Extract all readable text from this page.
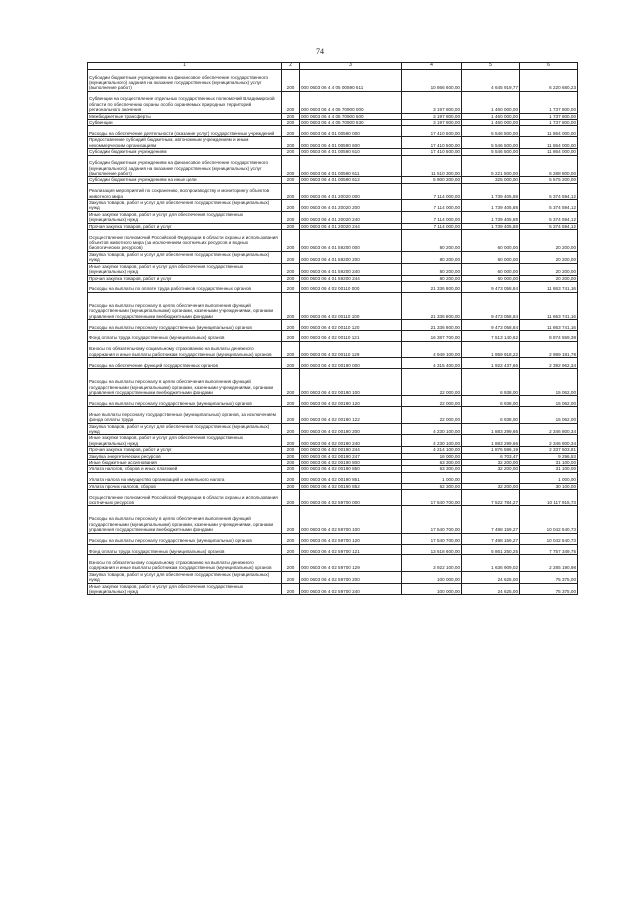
74
1	2	3	4	5	6
Субсидии бюджетным учреждениям на финансовое обеспечение государственного (муниципального) задания на оказание государственных (муниципальных) услуг (выполнение работ)	200	000 0603 06 4 4 05 00590 611	10 866 600,00	4 645 919,77	6 220 680,23
Субвенции на осуществление отдельных государственных полномочий Владимирской области по обеспечению охраны особо охраняемых природных территорий регионального значения	200	000 0603 06 4 4 05 70900 000	3 197 800,00	1 460 000,00	1 737 800,00
Межбюджетные трансферты	200	000 0603 06 4 4 05 70900 500	3 197 800,00	1 460 000,00	1 737 800,00
Субвенции	200	000 0603 06 4 4 05 70900 530	3 197 800,00	1 460 000,00	1 737 800,00
Расходы на обеспечение деятельности (оказание услуг) государственных учреждений	200	000 0603 06 4 01 00590 000	17 410 500,00	5 546 500,00	11 864 000,00
Предоставление субсидий бюджетным, автономным учреждениям и иным некоммерческим организациям	200	000 0603 06 4 01 00590 600	17 410 500,00	5 546 500,00	11 864 000,00
Субсидии бюджетным учреждениям	200	000 0603 06 4 01 00590 610	17 410 500,00	5 546 500,00	11 864 000,00
Субсидии бюджетным учреждениям на финансовое обеспечение государственного (муниципального) задания на оказание государственных (муниципальных) услуг (выполнение работ)	200	000 0603 06 4 01 00590 611	11 510 300,00	5 221 500,00	6 288 800,00
Субсидии бюджетным учреждениям на иные цели	200	000 0603 06 4 01 00590 612	5 900 200,00	325 000,00	5 575 200,00
Реализация мероприятий по сохранению, воспроизводству и мониторингу объектов животного мира	200	000 0603 06 4 01 20020 000	7 114 000,00	1 739 405,88	5 374 594,12
Закупка товаров, работ и услуг для обеспечения государственных (муниципальных) нужд	200	000 0603 06 4 01 20020 200	7 114 000,00	1 739 405,88	5 374 594,12
Иные закупки товаров, работ и услуг для обеспечения государственных (муниципальных) нужд	200	000 0603 06 4 01 20020 240	7 114 000,00	1 739 405,88	5 374 594,12
Прочая закупка товаров, работ и услуг	200	000 0603 06 4 01 20020 244	7 114 000,00	1 739 405,88	5 374 594,12
Осуществление полномочий Российской Федерации в области охраны и использования объектов животного мира (за исключением охотничьих ресурсов и водных биологических ресурсов)	200	000 0603 06 4 01 59200 000	80 200,00	60 000,00	20 200,00
Закупка товаров, работ и услуг для обеспечения государственных (муниципальных) нужд	200	000 0603 06 4 01 59200 200	80 200,00	60 000,00	20 200,00
Иные закупки товаров, работ и услуг для обеспечения государственных (муниципальных) нужд	200	000 0603 06 4 01 59200 240	80 200,00	60 000,00	20 200,00
Прочая закупка товаров, работ и услуг	200	000 0603 06 4 01 59200 244	80 200,00	60 000,00	20 200,00
Расходы на выплаты по оплате труда работников государственных органов	200	000 0603 06 4 02 00110 000	21 336 800,00	9 473 058,84	11 863 741,16
Расходы на выплаты персоналу в целях обеспечения выполнения функций государственными (муниципальными) органами, казенными учреждениями, органами управления государственными внебюджетными фондами	200	000 0603 06 4 02 00110 100	21 336 800,00	9 473 058,84	11 863 741,16
Расходы на выплаты персоналу государственных (муниципальных) органов	200	000 0603 06 4 02 00110 120	21 336 800,00	9 473 058,84	11 863 741,16
Фонд оплаты труда государственных (муниципальных) органов	200	000 0603 06 4 02 00110 121	16 387 700,00	7 513 140,62	8 874 559,38
Взносы по обязательному социальному страхованию на выплаты денежного содержания и иные выплаты работникам государственных (муниципальных) органов	200	000 0603 06 4 02 00110 129	4 949 100,00	1 959 918,22	2 989 181,78
Расходы на обеспечение функций государственных органов	200	000 0603 06 4 02 00190 000	4 315 400,00	1 922 437,66	2 392 962,34
Расходы на выплаты персоналу в целях обеспечения выполнения функций государственными (муниципальными) органами, казенными учреждениями, органами управления государственными внебюджетными фондами	200	000 0603 06 4 02 00190 100	22 000,00	6 938,00	15 062,00
Расходы на выплаты персоналу государственных (муниципальных) органов	200	000 0603 06 4 02 00190 120	22 000,00	6 938,00	15 062,00
Иные выплаты персоналу государственных (муниципальных) органов, за исключением фонда оплаты труда	200	000 0603 06 4 02 00190 122	22 000,00	6 938,00	15 062,00
Закупка товаров, работ и услуг для обеспечения государственных (муниципальных) нужд	200	000 0603 06 4 02 00190 200	4 230 100,00	1 883 299,66	2 346 800,34
Иные закупки товаров, работ и услуг для обеспечения государственных (муниципальных) нужд	200	000 0603 06 4 02 00190 240	4 230 100,00	1 883 299,66	2 346 800,34
Прочая закупка товаров, работ и услуг	200	000 0603 06 4 02 00190 244	4 214 100,00	1 876 596,19	2 337 503,81
Закупка энергетических ресурсов	200	000 0603 06 4 02 00190 247	16 000,00	6 703,47	9 296,53
Иные бюджетные ассигнования	200	000 0603 06 4 02 00190 800	63 300,00	32 200,00	31 100,00
Уплата налогов, сборов и иных платежей	200	000 0603 06 4 02 00190 850	63 300,00	32 200,00	31 100,00
Уплата налога на имущество организаций и земельного налога	200	000 0603 06 4 02 00190 851	1 000,00		1 000,00
Уплата прочих налогов, сборов	200	000 0603 06 4 02 00190 852	62 300,00	32 200,00	30 100,00
Осуществление полномочий Российской Федерации в области охраны и использования охотничьих ресурсов	200	000 0603 06 4 02 59700 000	17 640 700,00	7 522 784,27	10 117 915,73
Расходы на выплаты персоналу в целях обеспечения выполнения функций государственными (муниципальными) органами, казенными учреждениями, органами управления государственными внебюджетными фондами	200	000 0603 06 4 02 59700 100	17 540 700,00	7 498 159,27	10 042 540,73
Расходы на выплаты персоналу государственных (муниципальных) органов	200	000 0603 06 4 02 59700 120	17 540 700,00	7 498 159,27	10 042 540,73
Фонд оплаты труда государственных (муниципальных) органов	200	000 0603 06 4 02 59700 121	13 618 600,00	5 861 250,25	7 757 349,75
Взносы по обязательному социальному страхованию на выплаты денежного содержания и иные выплаты работникам государственных (муниципальных) органов	200	000 0603 06 4 02 59700 129	3 922 100,00	1 636 909,02	2 285 190,98
Закупка товаров, работ и услуг для обеспечения государственных (муниципальных) нужд	200	000 0603 06 4 02 59700 200	100 000,00	24 625,00	75 375,00
Иные закупки товаров, работ и услуг для обеспечения государственных (муниципальных) нужд	200	000 0603 06 4 02 59700 240	100 000,00	24 625,00	75 375,00
